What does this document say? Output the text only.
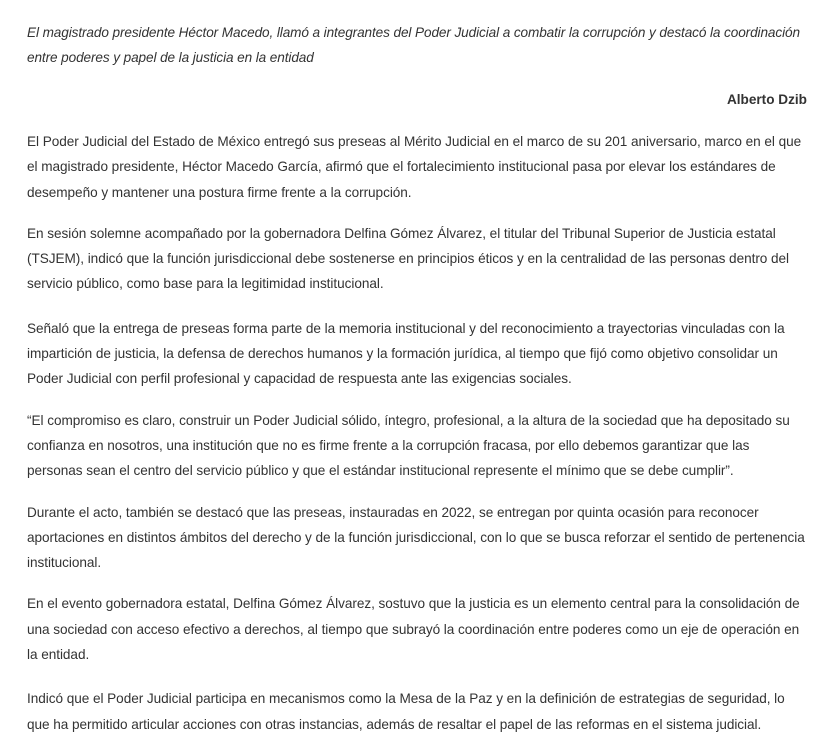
El magistrado presidente Héctor Macedo, llamó a integrantes del Poder Judicial a combatir la corrupción y destacó la coordinación entre poderes y papel de la justicia en la entidad

Alberto Dzib

El Poder Judicial del Estado de México entregó sus preseas al Mérito Judicial en el marco de su 201 aniversario, marco en el que el magistrado presidente, Héctor Macedo García, afirmó que el fortalecimiento institucional pasa por elevar los estándares de desempeño y mantener una postura firme frente a la corrupción.

En sesión solemne acompañado por la gobernadora Delfina Gómez Álvarez, el titular del Tribunal Superior de Justicia estatal (TSJEM), indicó que la función jurisdiccional debe sostenerse en principios éticos y en la centralidad de las personas dentro del servicio público, como base para la legitimidad institucional.

Señaló que la entrega de preseas forma parte de la memoria institucional y del reconocimiento a trayectorias vinculadas con la impartición de justicia, la defensa de derechos humanos y la formación jurídica, al tiempo que fijó como objetivo consolidar un Poder Judicial con perfil profesional y capacidad de respuesta ante las exigencias sociales.

“El compromiso es claro, construir un Poder Judicial sólido, íntegro, profesional, a la altura de la sociedad que ha depositado su confianza en nosotros, una institución que no es firme frente a la corrupción fracasa, por ello debemos garantizar que las personas sean el centro del servicio público y que el estándar institucional represente el mínimo que se debe cumplir”.

Durante el acto, también se destacó que las preseas, instauradas en 2022, se entregan por quinta ocasión para reconocer aportaciones en distintos ámbitos del derecho y de la función jurisdiccional, con lo que se busca reforzar el sentido de pertenencia institucional.

En el evento gobernadora estatal, Delfina Gómez Álvarez, sostuvo que la justicia es un elemento central para la consolidación de una sociedad con acceso efectivo a derechos, al tiempo que subrayó la coordinación entre poderes como un eje de operación en la entidad.

Indicó que el Poder Judicial participa en mecanismos como la Mesa de la Paz y en la definición de estrategias de seguridad, lo que ha permitido articular acciones con otras instancias, además de resaltar el papel de las reformas en el sistema judicial.
